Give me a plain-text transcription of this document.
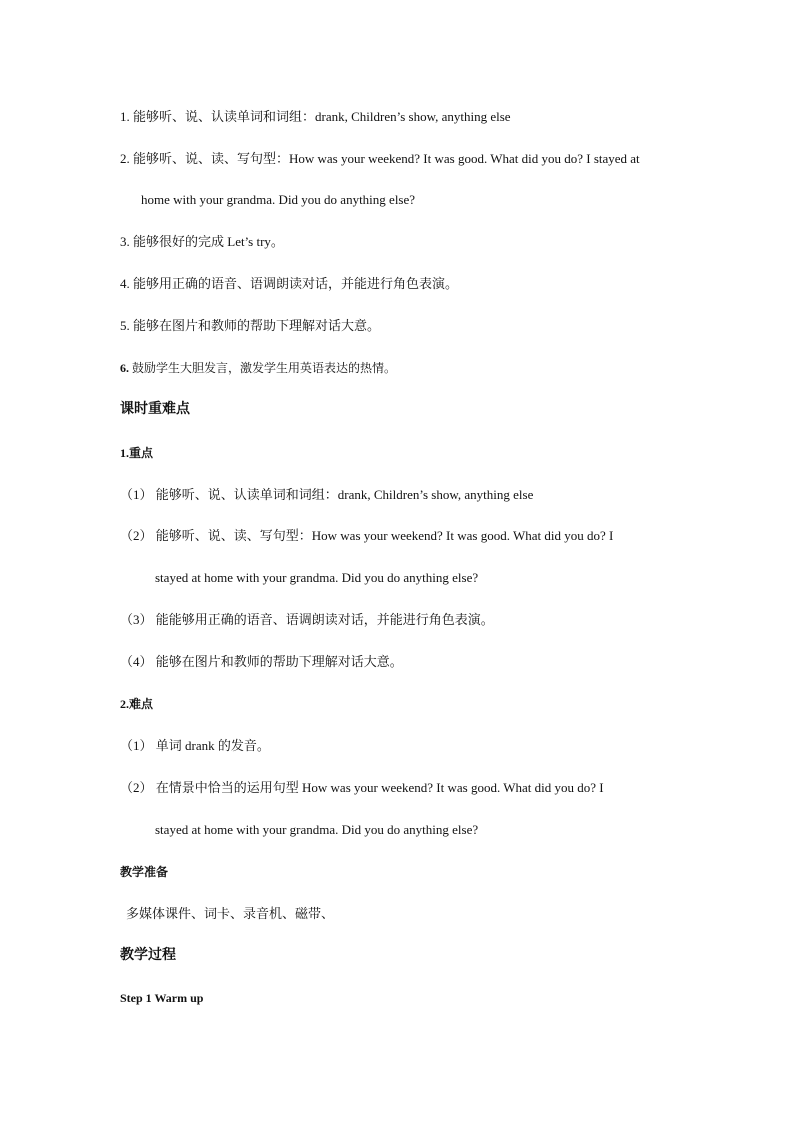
1. 能够听、说、认读单词和词组：drank, Children’s show, anything else
2. 能够听、说、读、写句型：How was your weekend? It was good. What did you do? I stayed at
home with your grandma. Did you do anything else?
3. 能够很好的完成 Let’s try。
4. 能够用正确的语音、语调朗读对话，并能进行角色表演。
5. 能够在图片和教师的帮助下理解对话大意。
6. 鼓励学生大胆发言，激发学生用英语表达的热情。
课时重难点
1.重点
（1） 能够听、说、认读单词和词组：drank, Children’s show, anything else
（2） 能够听、说、读、写句型：How was your weekend? It was good. What did you do? I
stayed at home with your grandma. Did you do anything else?
（3） 能能够用正确的语音、语调朗读对话，并能进行角色表演。
（4） 能够在图片和教师的帮助下理解对话大意。
2.难点
（1） 单词 drank 的发音。
（2） 在情景中恰当的运用句型 How was your weekend? It was good. What did you do? I
stayed at home with your grandma. Did you do anything else?
教学准备
多媒体课件、词卡、录音机、磁带、
教学过程
Step 1 Warm up
